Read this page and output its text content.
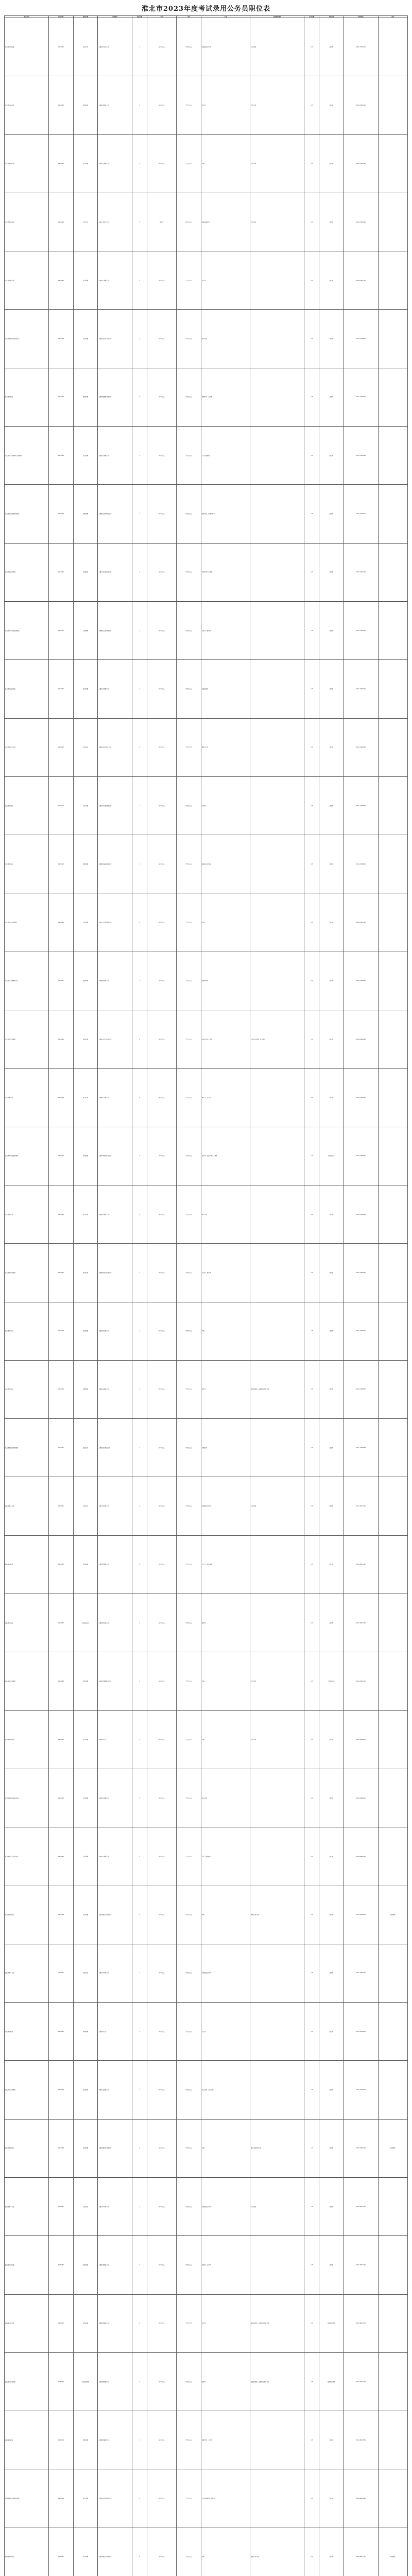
淮北市2023年度考试录用公务员职位表
招录机关	职位代码	职位名称	职位简介	招录人数	学历	学位	专业	其他资格条件	开考比例	考试类别	咨询电话	备注
淮北市纪委监委	0101001	综合文字	从事综合文字工作	1	本科及以上	学士及以上	中国语言文学类	中共党员	1:3	综合类	0561-3193011	
淮北市纪委监委	0101002	审查调查	从事审查调查工作	2	本科及以上	学士及以上	法学类	中共党员	1:3	综合类	0561-3193011	
淮北市委组织部	0101003	综合管理	从事综合管理工作	1	本科及以上	学士及以上	不限	中共党员	1:3	综合类	0561-3193516	
淮北市委宣传部	0101004	文字综合	从事文字综合工作	1	研究生	硕士及以上	新闻传播学类	中共党员	1:3	综合类	0561-3193620	
淮北市委政法委	0101005	综合管理	从事综合管理工作	1	本科及以上	学士及以上	法学类		1:3	综合类	0561-3193730	
淮北市发展和改革委员会	0101006	经济管理	从事经济运行分析工作	1	本科及以上	学士及以上	经济学类		1:3	综合类	0561-3193802	
淮北市财政局	0101007	财务管理	从事财政预算管理工作	2	本科及以上	学士及以上	财政学类、会计学		1:3	综合类	0561-3193901	
淮北市人力资源和社会保障局	0101008	综合管理	从事综合管理工作	1	本科及以上	学士及以上	人力资源管理		1:3	综合类	0561-3193960	
淮北市自然资源和规划局	0101009	规划管理	从事国土空间规划工作	1	本科及以上	学士及以上	城乡规划、地理科学类		1:3	综合类	0561-3194011	
淮北市生态环境局	0101010	环境监管	从事生态环境监管工作	2	本科及以上	学士及以上	环境科学与工程类		1:3	综合类	0561-3194102	
淮北市住房和城乡建设局	0101011	工程管理	从事建设工程管理工作	1	本科及以上	学士及以上	土木类、建筑类		1:3	综合类	0561-3194203	
淮北市交通运输局	0101012	综合管理	从事综合管理工作	1	本科及以上	学士及以上	交通运输类		1:3	综合类	0561-3194301	
淮北市农业农村局	0101013	农业技术	从事农业技术推广工作	1	本科及以上	学士及以上	植物生产类		1:3	综合类	0561-3194402	
淮北市水利局	0101014	水利工程	从事水利工程管理工作	1	本科及以上	学士及以上	水利类		1:3	综合类	0561-3194503	
淮北市商务局	0101015	商贸管理	从事商贸流通管理工作	1	本科及以上	学士及以上	国际经济与贸易		1:3	综合类	0561-3194601	
淮北市文化和旅游局	0101016	文化管理	从事文化市场管理工作	1	本科及以上	学士及以上	不限		1:3	综合类	0561-3194702	
淮北市卫生健康委员会	0101017	医政管理	从事医政医管工作	1	本科及以上	学士及以上	临床医学类		1:3	综合类	0561-3194803	
淮北市应急管理局	0101018	安全监管	从事安全生产监管工作	2	本科及以上	学士及以上	安全科学与工程类	经常深入现场，适合男性	1:3	综合类	0561-3194901	
淮北市审计局	0101019	审计业务	从事审计业务工作	2	本科及以上	学士及以上	审计学、会计学		1:3	综合类	0561-3195002	
淮北市市场监督管理局	0101020	市场监管	从事市场监管执法工作	2	本科及以上	学士及以上	法学类、食品科学与工程类		1:3	行政执法类	0561-3195103	
淮北市统计局	0101021	统计业务	从事统计调查工作	1	本科及以上	学士及以上	统计学类		1:3	综合类	0561-3195204	
淮北市医疗保障局	0101022	基金监管	从事医保基金监管工作	1	本科及以上	学士及以上	会计学、医学类		1:3	综合类	0561-3195305	
淮北市信访局	0101023	综合管理	从事信访接待工作	1	本科及以上	学士及以上	不限		1:3	综合类	0561-3195406	
淮北市司法局	0101024	法律事务	从事法治督察工作	1	本科及以上	学士及以上	法学类	通过国家统一法律职业资格考试	1:3	综合类	0561-3195507	
淮北市数据资源管理局	0101025	信息技术	从事信息化建设工作	1	本科及以上	学士及以上	计算机类		1:3	综合类	0561-3195608	
相山区委办公室	0102001	文字综合	从事文字材料工作	1	本科及以上	学士及以上	中国语言文学类	中共党员	1:3	综合类	0561-3021101	
相山区财政局	0102002	财务管理	从事财政管理工作	1	本科及以上	学士及以上	会计学、财务管理		1:3	综合类	0561-3021202	
相山区司法局	0102003	基层司法所	从事基层司法工作	2	本科及以上	学士及以上	法学类		1:3	综合类	0561-3021303	
相山区城市管理局	0102004	城市管理	从事城市管理执法工作	2	本科及以上	学士及以上	不限	适合男性	1:3	行政执法类	0561-3021404	
杜集区委组织部	0103001	综合管理	从事组织工作	1	本科及以上	学士及以上	不限	中共党员	1:3	综合类	0561-3662101	
杜集区发展和改革委员会	0103002	经济管理	从事经济管理工作	1	本科及以上	学士及以上	经济学类		1:3	综合类	0561-3662202	
杜集区农业农村水利局	0103003	农业管理	从事农业管理工作	1	本科及以上	学士及以上	农学、植物保护		1:3	综合类	0561-3662303	
杜集区乡镇机关	0103004	综合管理	从事乡镇综合管理工作	3	本科及以上	学士及以上	不限	限淮北市户籍	1:3	综合类	0561-3662404	乡镇职位
烈山区委办公室	0104001	文字综合	从事文字材料工作	1	本科及以上	学士及以上	中国语言文学类		1:3	综合类	0561-4030101	
烈山区财政局	0104002	财务管理	从事财务工作	1	本科及以上	学士及以上	会计学		1:3	综合类	0561-4030202	
烈山区应急管理局	0104003	安全监管	从事安全监管工作	1	本科及以上	学士及以上	安全工程、采矿工程		1:3	综合类	0561-4030303	
烈山区乡镇机关	0104004	综合管理	从事乡镇综合管理工作	3	本科及以上	学士及以上	不限	服务基层项目人员	1:3	综合类	0561-4030404	乡镇职位
濉溪县委办公室	0105001	文字综合	从事文字材料工作	1	本科及以上	学士及以上	中国语言文学类	中共党员	1:3	综合类	0561-6021101	
濉溪县纪委监委	0105002	审查调查	从事审查调查工作	2	本科及以上	学士及以上	法学类、会计学		1:3	综合类	0561-6021202	
濉溪县人民法院	0105003	法官助理	从事审判辅助工作	2	本科及以上	学士及以上	法学类	通过国家统一法律职业资格考试	1:3	法院检察院类	0561-6021303	
濉溪县人民检察院	0105004	检察官助理	从事检察辅助工作	2	本科及以上	学士及以上	法学类	通过国家统一法律职业资格考试	1:3	法院检察院类	0561-6021404	
濉溪县财政局	0105005	财务管理	从事财政管理工作	1	本科及以上	学士及以上	财政学类、会计学		1:3	综合类	0561-6021505	
濉溪县自然资源和规划局	0105006	国土管理	从事自然资源管理工作	1	本科及以上	学士及以上	土地资源管理、测绘类		1:3	综合类	0561-6021606	
濉溪县乡镇机关	0105007	综合管理	从事乡镇综合管理工作	6	本科及以上	学士及以上	不限	限淮北市户籍	1:3	综合类	0561-6021707	乡镇职位
